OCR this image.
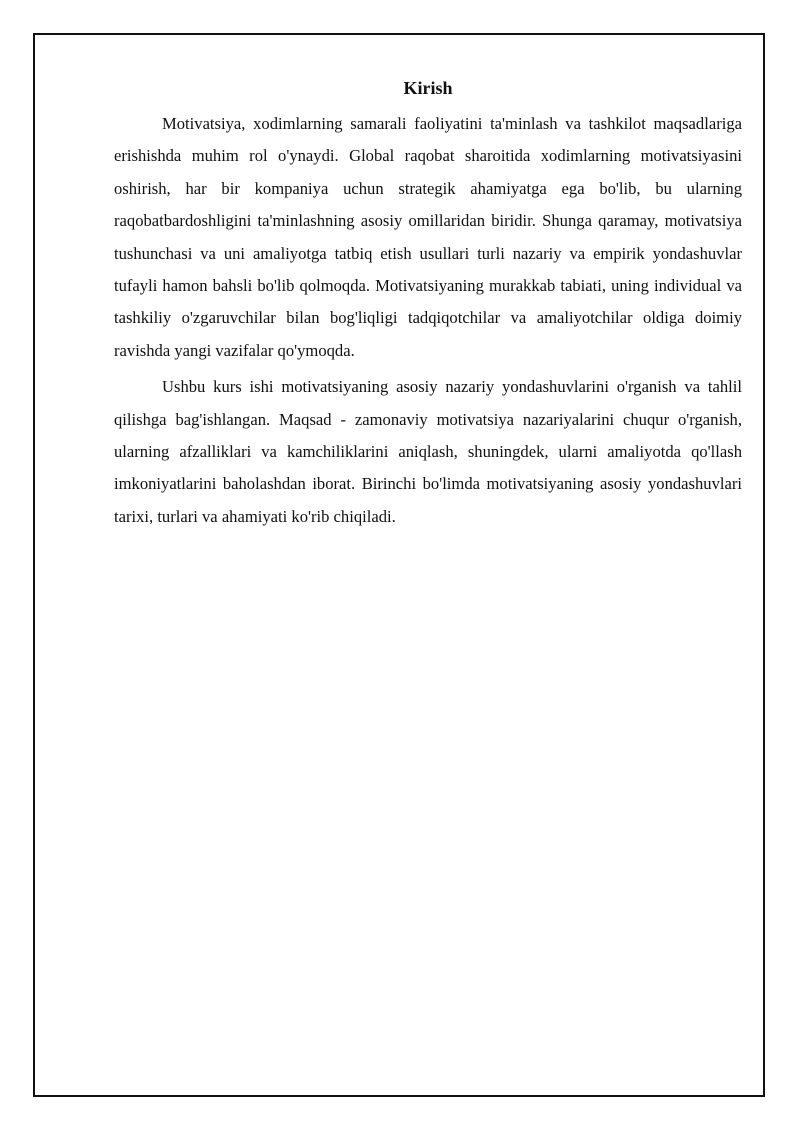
Kirish

Motivatsiya, xodimlarning samarali faoliyatini ta'minlash va tashkilot maqsadlariga erishishda muhim rol o'ynaydi. Global raqobat sharoitida xodimlarning motivatsiyasini oshirish, har bir kompaniya uchun strategik ahamiyatga ega bo'lib, bu ularning raqobatbardoshligini ta'minlashning asosiy omillaridan biridir. Shunga qaramay, motivatsiya tushunchasi va uni amaliyotga tatbiq etish usullari turli nazariy va empirik yondashuvlar tufayli hamon bahsli bo'lib qolmoqda. Motivatsiyaning murakkab tabiati, uning individual va tashkiliy o'zgaruvchilar bilan bog'liqligi tadqiqotchilar va amaliyotchilar oldiga doimiy ravishda yangi vazifalar qo'ymoqda.

Ushbu kurs ishi motivatsiyaning asosiy nazariy yondashuvlarini o'rganish va tahlil qilishga bag'ishlangan. Maqsad - zamonaviy motivatsiya nazariyalarini chuqur o'rganish, ularning afzalliklari va kamchiliklarini aniqlash, shuningdek, ularni amaliyotda qo'llash imkoniyatlarini baholashdan iborat. Birinchi bo'limda motivatsiyaning asosiy yondashuvlari tarixi, turlari va ahamiyati ko'rib chiqiladi.
